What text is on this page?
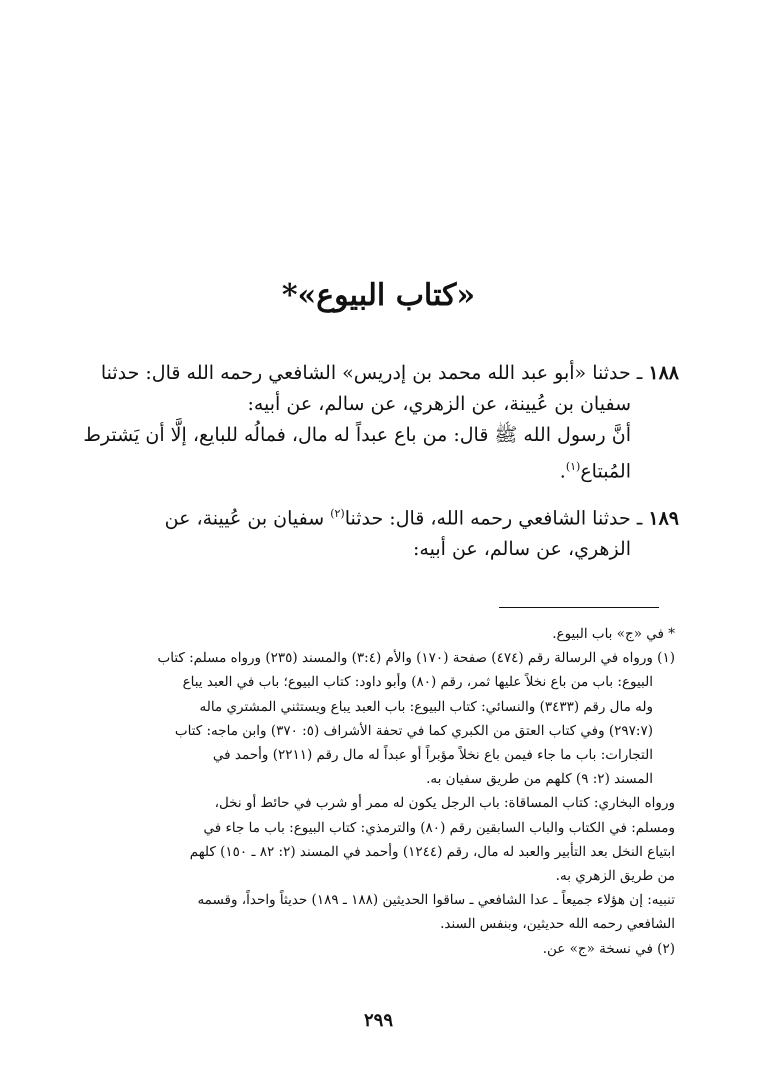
«كتاب البيوع»*

١٨٨ ـ حدثنا «أبو عبد الله محمد بن إدريس» الشافعي رحمه الله قال: حدثنا

سفيان بن عُيينة، عن الزهري، عن سالم، عن أبيه:

أنَّ رسول الله ﷺ قال: من باع عبداً له مال، فمالُه للبايع، إلَّا أن يَشترط

المُبتاع$^{(١)}$.

١٨٩ ـ حدثنا الشافعي رحمه الله، قال: حدثنا$^{(٢)}$ سفيان بن عُيينة، عن

الزهري، عن سالم، عن أبيه:

* في «ج» باب البيوع.

(١) ورواه في الرسالة رقم (٤٧٤) صفحة (١٧٠) والأم (٣:٤) والمسند (٢٣٥) ورواه مسلم: كتاب

البيوع: باب من باع نخلاً عليها ثمر، رقم (٨٠) وأبو داود: كتاب البيوع؛ باب في العبد يباع

وله مال رقم (٣٤٣٣) والنسائي: كتاب البيوع: باب العبد يباع ويستثني المشتري ماله

(٢٩٧:٧) وفي كتاب العتق من الكبري كما في تحفة الأشراف (٥: ٣٧٠) وابن ماجه: كتاب

التجارات: باب ما جاء فيمن باع نخلاً مؤبراً أو عبداً له مال رقم (٢٢١١) وأحمد في

المسند (٢: ٩) كلهم من طريق سفيان به.

ورواه البخاري: كتاب المساقاة: باب الرجل يكون له ممر أو شرب في حائط أو نخل،

ومسلم: في الكتاب والباب السابقين رقم (٨٠) والترمذي: كتاب البيوع: باب ما جاء في

ابتياع النخل بعد التأبير والعبد له مال، رقم (١٢٤٤) وأحمد في المسند (٢: ٨٢ ـ ١٥٠) كلهم

من طريق الزهري به.

تنبيه: إن هؤلاء جميعاً ـ عدا الشافعي ـ ساقوا الحديثين (١٨٨ ـ ١٨٩) حديثاً واحداً، وقسمه

الشافعي رحمه الله حديثين، وبنفس السند.

(٢) في نسخة «ج» عن.

٢٩٩
